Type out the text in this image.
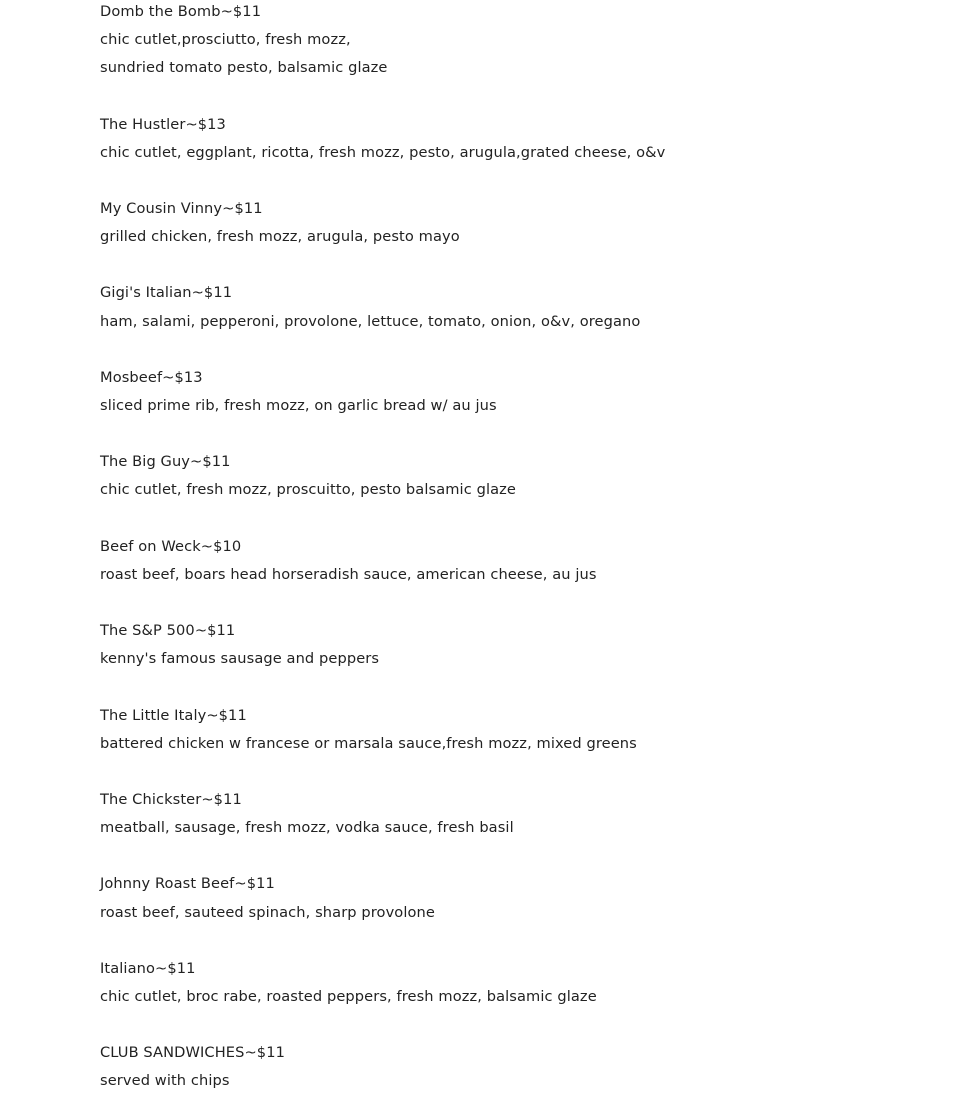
Domb the Bomb~$11
chic cutlet,prosciutto, fresh mozz,
sundried tomato pesto, balsamic glaze
The Hustler~$13
chic cutlet, eggplant, ricotta, fresh mozz, pesto, arugula,grated cheese, o&v
My Cousin Vinny~$11
grilled chicken, fresh mozz, arugula, pesto mayo
Gigi's Italian~$11
ham, salami, pepperoni, provolone, lettuce, tomato, onion, o&v, oregano
Mosbeef~$13
sliced prime rib, fresh mozz, on garlic bread w/ au jus
The Big Guy~$11
chic cutlet, fresh mozz, proscuitto, pesto balsamic glaze
Beef on Weck~$10
roast beef, boars head horseradish sauce, american cheese, au jus
The S&P 500~$11
kenny's famous sausage and peppers
The Little Italy~$11
battered chicken w francese or marsala sauce,fresh mozz, mixed greens
The Chickster~$11
meatball, sausage, fresh mozz, vodka sauce, fresh basil
Johnny Roast Beef~$11
roast beef, sauteed spinach, sharp provolone
Italiano~$11
chic cutlet, broc rabe, roasted peppers, fresh mozz, balsamic glaze
CLUB SANDWICHES~$11
served with chips
